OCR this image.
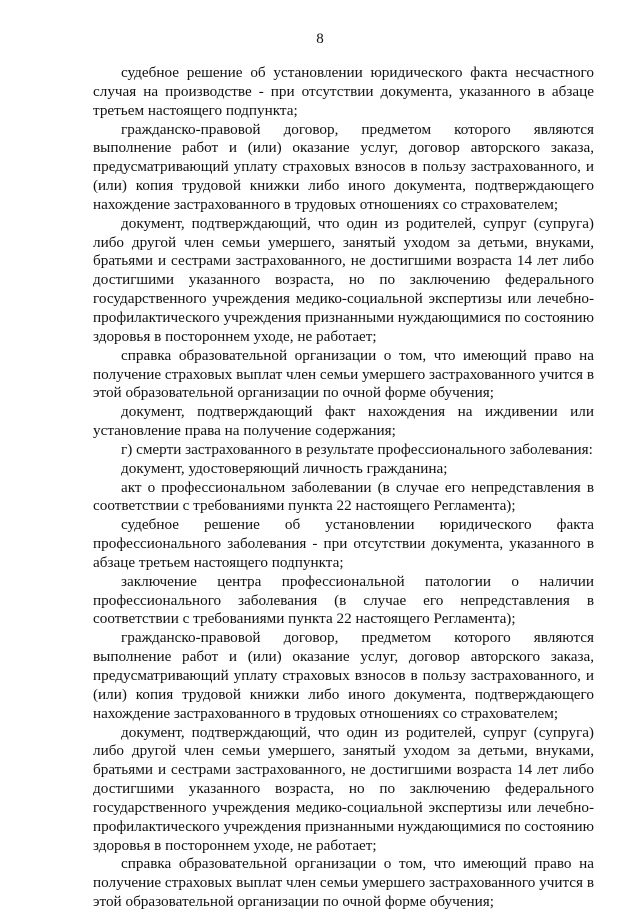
8

судебное решение об установлении юридического факта несчастного случая на производстве - при отсутствии документа, указанного в абзаце третьем настоящего подпункта;

гражданско-правовой договор, предметом которого являются выполнение работ и (или) оказание услуг, договор авторского заказа, предусматривающий уплату страховых взносов в пользу застрахованного, и (или) копия трудовой книжки либо иного документа, подтверждающего нахождение застрахованного в трудовых отношениях со страхователем;

документ, подтверждающий, что один из родителей, супруг (супруга) либо другой член семьи умершего, занятый уходом за детьми, внуками, братьями и сестрами застрахованного, не достигшими возраста 14 лет либо достигшими указанного возраста, но по заключению федерального государственного учреждения медико-социальной экспертизы или лечебно-профилактического учреждения признанными нуждающимися по состоянию здоровья в постороннем уходе, не работает;

справка образовательной организации о том, что имеющий право на получение страховых выплат член семьи умершего застрахованного учится в этой образовательной организации по очной форме обучения;

документ, подтверждающий факт нахождения на иждивении или установление права на получение содержания;

г) смерти застрахованного в результате профессионального заболевания:

документ, удостоверяющий личность гражданина;

акт о профессиональном заболевании (в случае его непредставления в соответствии с требованиями пункта 22 настоящего Регламента);

судебное решение об установлении юридического факта профессионального заболевания - при отсутствии документа, указанного в абзаце третьем настоящего подпункта;

заключение центра профессиональной патологии о наличии профессионального заболевания (в случае его непредставления в соответствии с требованиями пункта 22 настоящего Регламента);

гражданско-правовой договор, предметом которого являются выполнение работ и (или) оказание услуг, договор авторского заказа, предусматривающий уплату страховых взносов в пользу застрахованного, и (или) копия трудовой книжки либо иного документа, подтверждающего нахождение застрахованного в трудовых отношениях со страхователем;

документ, подтверждающий, что один из родителей, супруг (супруга) либо другой член семьи умершего, занятый уходом за детьми, внуками, братьями и сестрами застрахованного, не достигшими возраста 14 лет либо достигшими указанного возраста, но по заключению федерального государственного учреждения медико-социальной экспертизы или лечебно-профилактического учреждения признанными нуждающимися по состоянию здоровья в постороннем уходе, не работает;

справка образовательной организации о том, что имеющий право на получение страховых выплат член семьи умершего застрахованного учится в этой образовательной организации по очной форме обучения;
